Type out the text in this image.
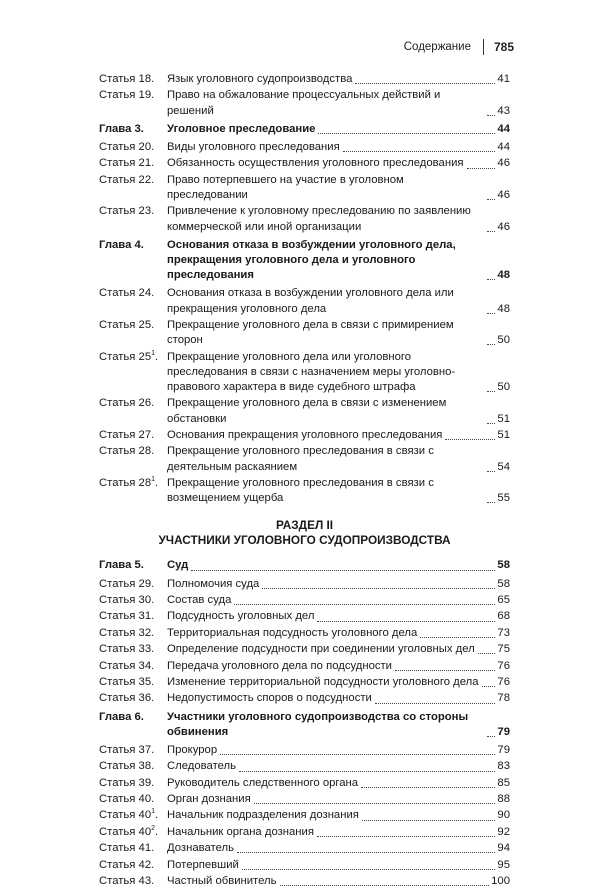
Содержание 785
Статья 18.	Язык уголовного судопроизводства	41
Статья 19.	Право на обжалование процессуальных действий и решений	43
Глава 3.	Уголовное преследование	44
Статья 20.	Виды уголовного преследования	44
Статья 21.	Обязанность осуществления уголовного преследования	46
Статья 22.	Право потерпевшего на участие в уголовном преследовании	46
Статья 23.	Привлечение к уголовному преследованию по заявлению коммерческой или иной организации	46
Глава 4.	Основания отказа в возбуждении уголовного дела, прекращения уголовного дела и уголовного преследования	48
Статья 24.	Основания отказа в возбуждении уголовного дела или прекращения уголовного дела	48
Статья 25.	Прекращение уголовного дела в связи с примирением сторон	50
Статья $25^1$. Прекращение уголовного дела или уголовного преследования в связи с назначением меры уголовно-правового характера в виде судебного штрафа	50
Статья 26.	Прекращение уголовного дела в связи с изменением обстановки	51
Статья 27.	Основания прекращения уголовного преследования	51
Статья 28.	Прекращение уголовного преследования в связи с деятельным раскаянием	54
Статья $28^1$. Прекращение уголовного преследования в связи с возмещением ущерба	55
РАЗДЕЛ II
УЧАСТНИКИ УГОЛОВНОГО СУДОПРОИЗВОДСТВА
Глава 5.	Суд	58
Статья 29.	Полномочия суда	58
Статья 30.	Состав суда	65
Статья 31.	Подсудность уголовных дел	68
Статья 32.	Территориальная подсудность уголовного дела	73
Статья 33.	Определение подсудности при соединении уголовных дел 75
Статья 34.	Передача уголовного дела по подсудности	76
Статья 35.	Изменение территориальной подсудности уголовного дела 76
Статья 36.	Недопустимость споров о подсудности	78
Глава 6.	Участники уголовного судопроизводства со стороны обвинения	79
Статья 37.	Прокурор	79
Статья 38.	Следователь	83
Статья 39.	Руководитель следственного органа	85
Статья 40.	Орган дознания	88
Статья $40^1$. Начальник подразделения дознания	90
Статья $40^2$. Начальник органа дознания	92
Статья 41.	Дознаватель	94
Статья 42.	Потерпевший	95
Статья 43.	Частный обвинитель	100
